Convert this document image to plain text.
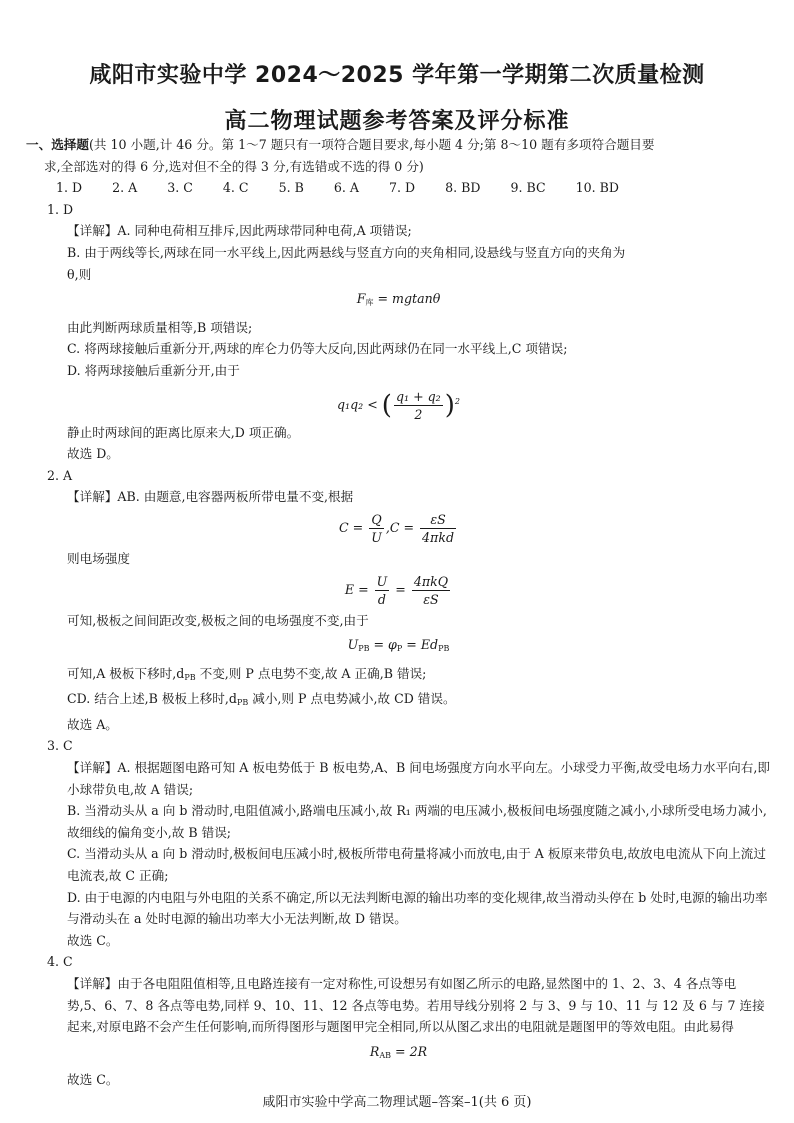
咸阳市实验中学 2024～2025 学年第一学期第二次质量检测
高二物理试题参考答案及评分标准
一、选择题(共 10 小题,计 46 分。第 1～7 题只有一项符合题目要求,每小题 4 分;第 8～10 题有多项符合题目要
求,全部选对的得 6 分,选对但不全的得 3 分,有选错或不选的得 0 分)
1. D 2. A 3. C 4. C 5. B 6. A 7. D 8. BD 9. BC 10. BD
1. D
【详解】A. 同种电荷相互排斥,因此两球带同种电荷,A 项错误;
B. 由于两线等长,两球在同一水平线上,因此两悬线与竖直方向的夹角相同,设悬线与竖直方向的夹角为
θ,则
$F_库 = mgtan\theta$
由此判断两球质量相等,B 项错误;
C. 将两球接触后重新分开,两球的库仑力仍等大反向,因此两球仍在同一水平线上,C 项错误;
D. 将两球接触后重新分开,由于
q₁q₂ < ( $\frac{\text{q₁ + q₂}}{2} )^2$
静止时两球间的距离比原来大,D 项正确。
故选 D。
2. A
【详解】AB. 由题意,电容器两板所带电量不变,根据
$C = \frac{Q}{U} ,C = \frac{\varepsilon S}{\text{4πkd}}$
则电场强度
$E = \frac{U}{d} = \frac{\text{4πkQ}}{\varepsilon S}$
可知,极板之间间距改变,极板之间的电场强度不变,由于
$U_{PB} = \varphi_P = Ed_{PB}$
可知,A 极板下移时$,d_{PB}$ 不变,则 P 点电势不变,故 A 正确,B 错误;
CD. 结合上述,B 极板上移时$,d_{PB}$ 减小,则 P 点电势减小,故 CD 错误。
故选 A。
3. C
【详解】A. 根据题图电路可知 A 板电势低于 B 板电势,A、B 间电场强度方向水平向左。小球受力平衡,故受电场力水平向右,即小球带负电,故 A 错误;
B. 当滑动头从 a 向 b 滑动时,电阻值减小,路端电压减小,故 R₁ 两端的电压减小,极板间电场强度随之减小,小球所受电场力减小,故细线的偏角变小,故 B 错误;
C. 当滑动头从 a 向 b 滑动时,极板间电压减小时,极板所带电荷量将减小而放电,由于 A 板原来带负电,故放电电流从下向上流过电流表,故 C 正确;
D. 由于电源的内电阻与外电阻的关系不确定,所以无法判断电源的输出功率的变化规律,故当滑动头停在 b 处时,电源的输出功率与滑动头在 a 处时电源的输出功率大小无法判断,故 D 错误。
故选 C。
4. C
【详解】由于各电阻阻值相等,且电路连接有一定对称性,可设想另有如图乙所示的电路,显然图中的 1、2、3、4 各点等电势,5、6、7、8 各点等电势,同样 9、10、11、12 各点等电势。若用导线分别将 2 与 3、9 与 10、11 与 12 及 6 与 7 连接起来,对原电路不会产生任何影响,而所得图形与题图甲完全相同,所以从图乙求出的电阻就是题图甲的等效电阻。由此易得
$R_{AB} = 2R$
故选 C。
咸阳市实验中学高二物理试题–答案–1(共 6 页)
